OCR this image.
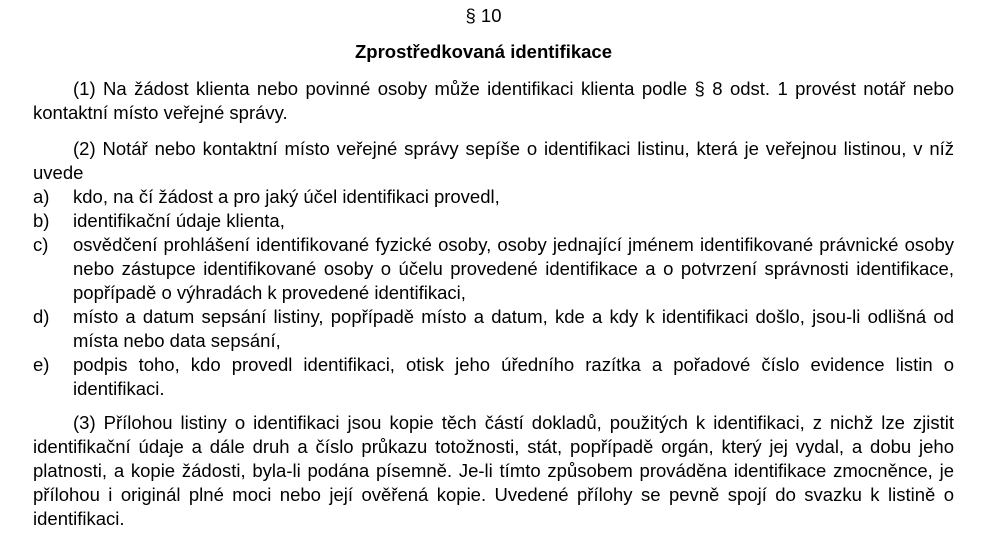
§ 10
Zprostředkovaná identifikace
(1) Na žádost klienta nebo povinné osoby může identifikaci klienta podle § 8 odst. 1 provést notář nebo kontaktní místo veřejné správy.
(2) Notář nebo kontaktní místo veřejné správy sepíše o identifikaci listinu, která je veřejnou listinou, v níž uvede
a) kdo, na čí žádost a pro jaký účel identifikaci provedl,
b) identifikační údaje klienta,
c) osvědčení prohlášení identifikované fyzické osoby, osoby jednající jménem identifikované právnické osoby nebo zástupce identifikované osoby o účelu provedené identifikace a o potvrzení správnosti identifikace, popřípadě o výhradách k provedené identifikaci,
d) místo a datum sepsání listiny, popřípadě místo a datum, kde a kdy k identifikaci došlo, jsou-li odlišná od místa nebo data sepsání,
e) podpis toho, kdo provedl identifikaci, otisk jeho úředního razítka a pořadové číslo evidence listin o identifikaci.
(3) Přílohou listiny o identifikaci jsou kopie těch částí dokladů, použitých k identifikaci, z nichž lze zjistit identifikační údaje a dále druh a číslo průkazu totožnosti, stát, popřípadě orgán, který jej vydal, a dobu jeho platnosti, a kopie žádosti, byla-li podána písemně. Je-li tímto způsobem prováděna identifikace zmocněnce, je přílohou i originál plné moci nebo její ověřená kopie. Uvedené přílohy se pevně spojí do svazku k listině o identifikaci.
